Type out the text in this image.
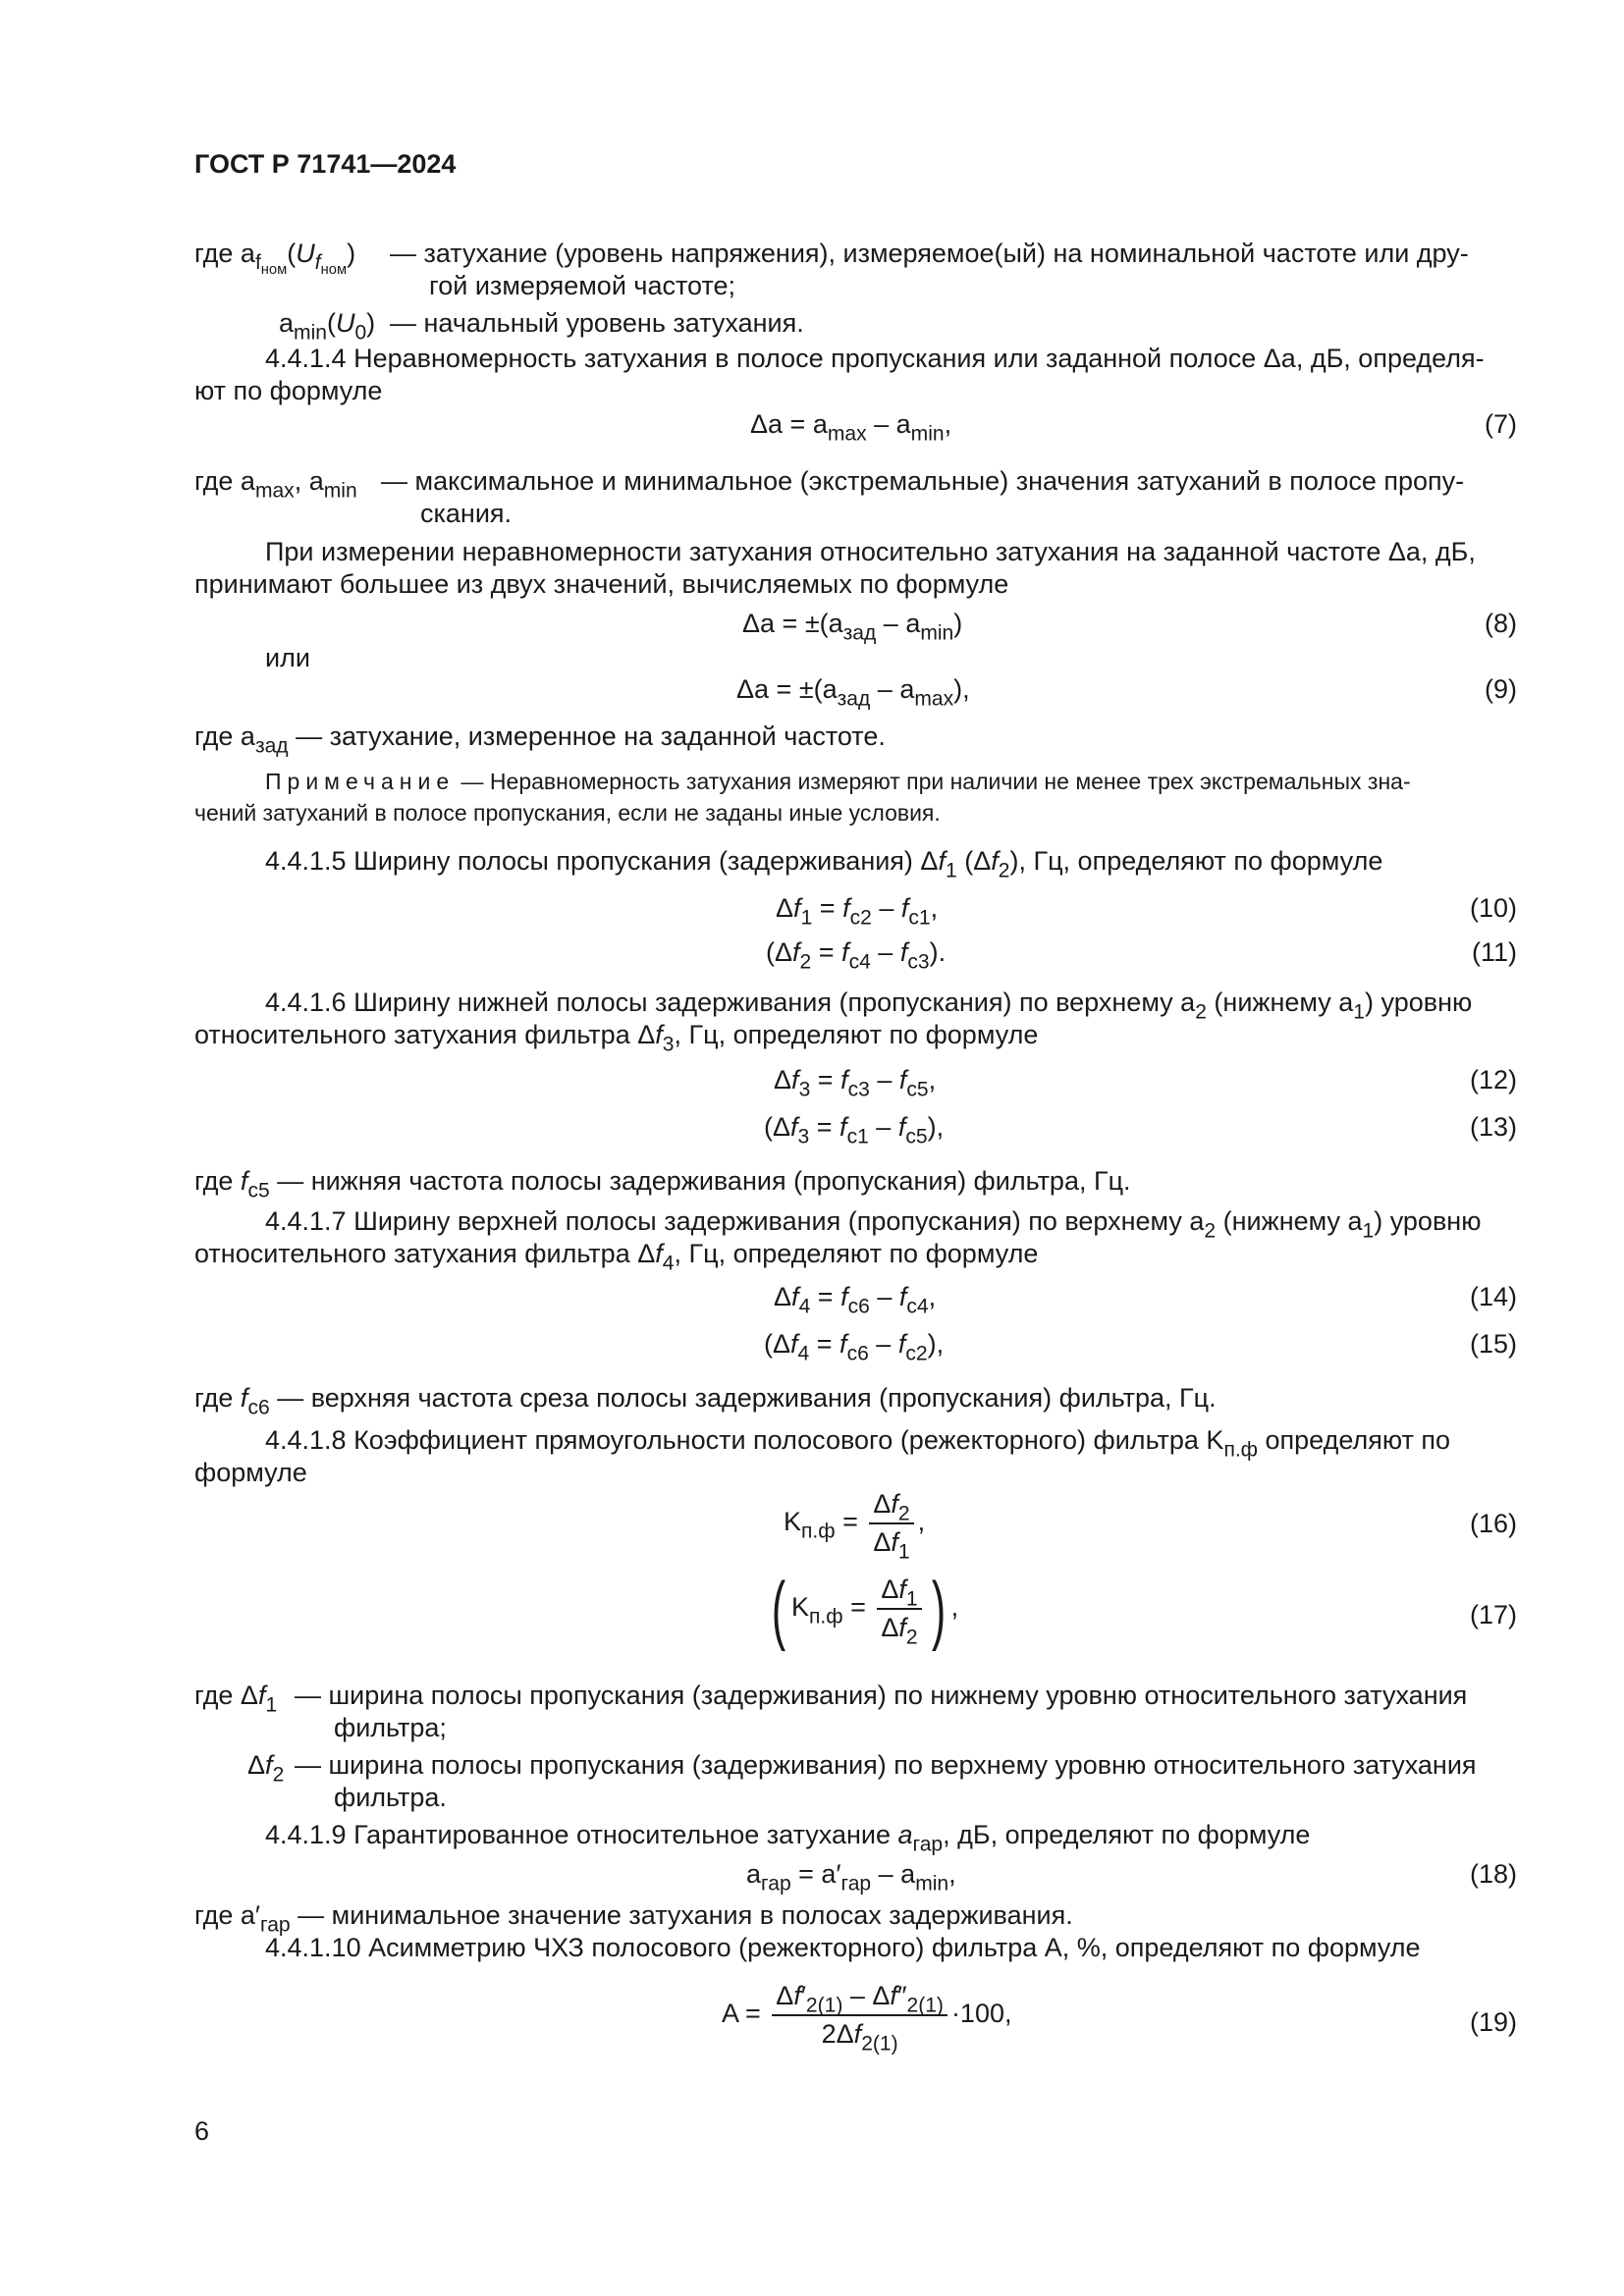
ГОСТ Р 71741—2024
где $a_{f_{ном}}(U_{f_{ном}})$ — затухание (уровень напряжения), измеряемое(ый) на номинальной частоте или дру-
гой измеряемой частоте;
$a_{min}(U_0)$ — начальный уровень затухания.
4.4.1.4 Неравномерность затухания в полосе пропускания или заданной полосе Δa, дБ, определя-
ют по формуле
$\Delta a = a_{max} - a_{min}$,	(7)
где $a_{max}$, $a_{min}$ — максимальное и минимальное (экстремальные) значения затуханий в полосе пропу-
скания.
При измерении неравномерности затухания относительно затухания на заданной частоте Δa, дБ,
принимают большее из двух значений, вычисляемых по формуле
$\Delta a = \pm(a_{зад} - a_{min})$	(8)
или
$\Delta a = \pm(a_{зад} - a_{max})$,	(9)
где $a_{зад}$ — затухание, измеренное на заданной частоте.
Примечание — Неравномерность затухания измеряют при наличии не менее трех экстремальных зна-
чений затуханий в полосе пропускания, если не заданы иные условия.
4.4.1.5 Ширину полосы пропускания (задерживания) $\Delta f_1$ $(\Delta f_2)$, Гц, определяют по формуле
$\Delta f_1 = f_{c2} - f_{c1}$,	(10)
$(\Delta f_2 = f_{c4} - f_{c3})$.	(11)
4.4.1.6 Ширину нижней полосы задерживания (пропускания) по верхнему $a_2$ (нижнему $a_1$) уровню
относительного затухания фильтра $\Delta f_3$, Гц, определяют по формуле
$\Delta f_3 = f_{c3} - f_{c5}$,	(12)
$(\Delta f_3 = f_{c1} - f_{c5})$,	(13)
где $f_{c5}$ — нижняя частота полосы задерживания (пропускания) фильтра, Гц.
4.4.1.7 Ширину верхней полосы задерживания (пропускания) по верхнему $a_2$ (нижнему $a_1$) уровню
относительного затухания фильтра $\Delta f_4$, Гц, определяют по формуле
$\Delta f_4 = f_{c6} - f_{c4}$,	(14)
$(\Delta f_4 = f_{c6} - f_{c2})$,	(15)
где $f_{c6}$ — верхняя частота среза полосы задерживания (пропускания) фильтра, Гц.
4.4.1.8 Коэффициент прямоугольности полосового (режекторного) фильтра $K_{п.ф}$ определяют по
формуле
$K_{п.ф} = \frac{\Delta f_2}{\Delta f_1}$ ,	(16)
( $K_{п.ф} = \frac{\Delta f_1}{\Delta f_2}$ ) ,	(17)
где $\Delta f_1$ — ширина полосы пропускания (задерживания) по нижнему уровню относительного затухания
фильтра;
$\Delta f_2$ — ширина полосы пропускания (задерживания) по верхнему уровню относительного затухания
фильтра.
4.4.1.9 Гарантированное относительное затухание $a_{гар}$, дБ, определяют по формуле
$a_{гар} = a'_{гар} - a_{min}$,	(18)
где $a'_{гар}$ — минимальное значение затухания в полосах задерживания.
4.4.1.10 Асимметрию ЧХЗ полосового (режекторного) фильтра A, %, определяют по формуле
$A = \frac{\Delta f'_{2(1)} - \Delta f''_{2(1)}}{2\Delta f_{2(1)}} \cdot 100$,	(19)
6
